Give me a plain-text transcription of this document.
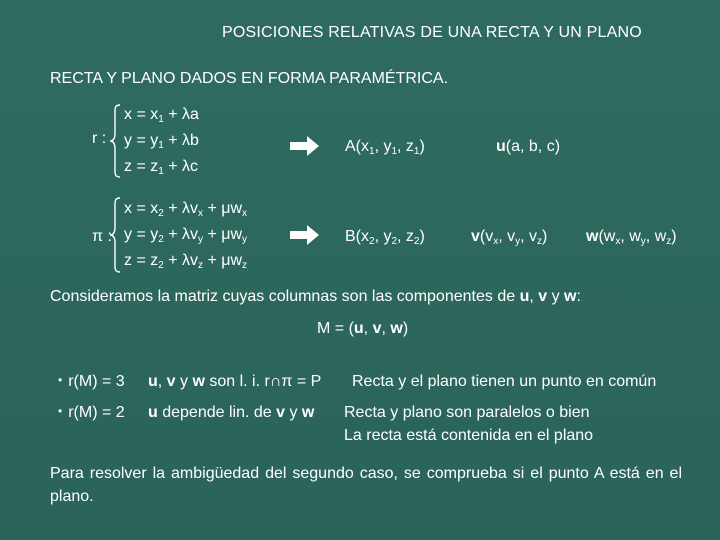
POSICIONES RELATIVAS DE UNA RECTA Y UN PLANO
RECTA Y PLANO DADOS EN FORMA PARAMÉTRICA.
r :
$x = x_1 + \lambda a$
$y = y_1 + \lambda b$
$z = z_1 + \lambda c$
$A(x_1$, $y_1$, $z_1$)	u(a, b, c)
π :
$x = x_2 + \lambda v_x + \mu w_x$
$y = y_2 + \lambda v_y + \mu w_y$
$z = z_2 + \lambda v_z + \mu w_z$
$B(x_2$, $y_2$, $z_2$)	$v(v_x$, $v_y$, $v_z$) $w(w_x$, $w_y$, $w_z$)
Consideramos la matriz cuyas columnas son las componentes de u, v y w:
M = (u, v, w)
• r(M) = 3 u, v y w son l. i. r∩π = P Recta y el plano tienen un punto en común
• r(M) = 2 u depende lin. de v y w Recta y plano son paralelos o bien
La recta está contenida en el plano
Para resolver la ambigüedad del segundo caso, se comprueba si el punto A está en el plano.
